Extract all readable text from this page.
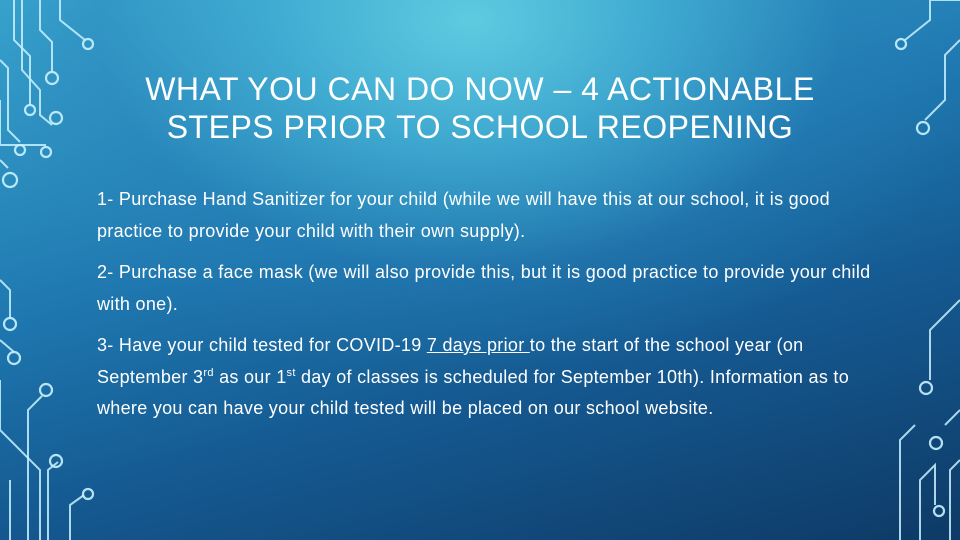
WHAT YOU CAN DO NOW – 4 ACTIONABLE
STEPS PRIOR TO SCHOOL REOPENING

1- Purchase Hand Sanitizer for your child (while we will have this at our school, it is good practice to provide your child with their own supply).

2- Purchase a face mask (we will also provide this, but it is good practice to provide your child with one).

3- Have your child tested for COVID-19 7 days prior to the start of the school year (on September 3rd as our 1st day of classes is scheduled for September 10th). Information as to where you can have your child tested will be placed on our school website.
